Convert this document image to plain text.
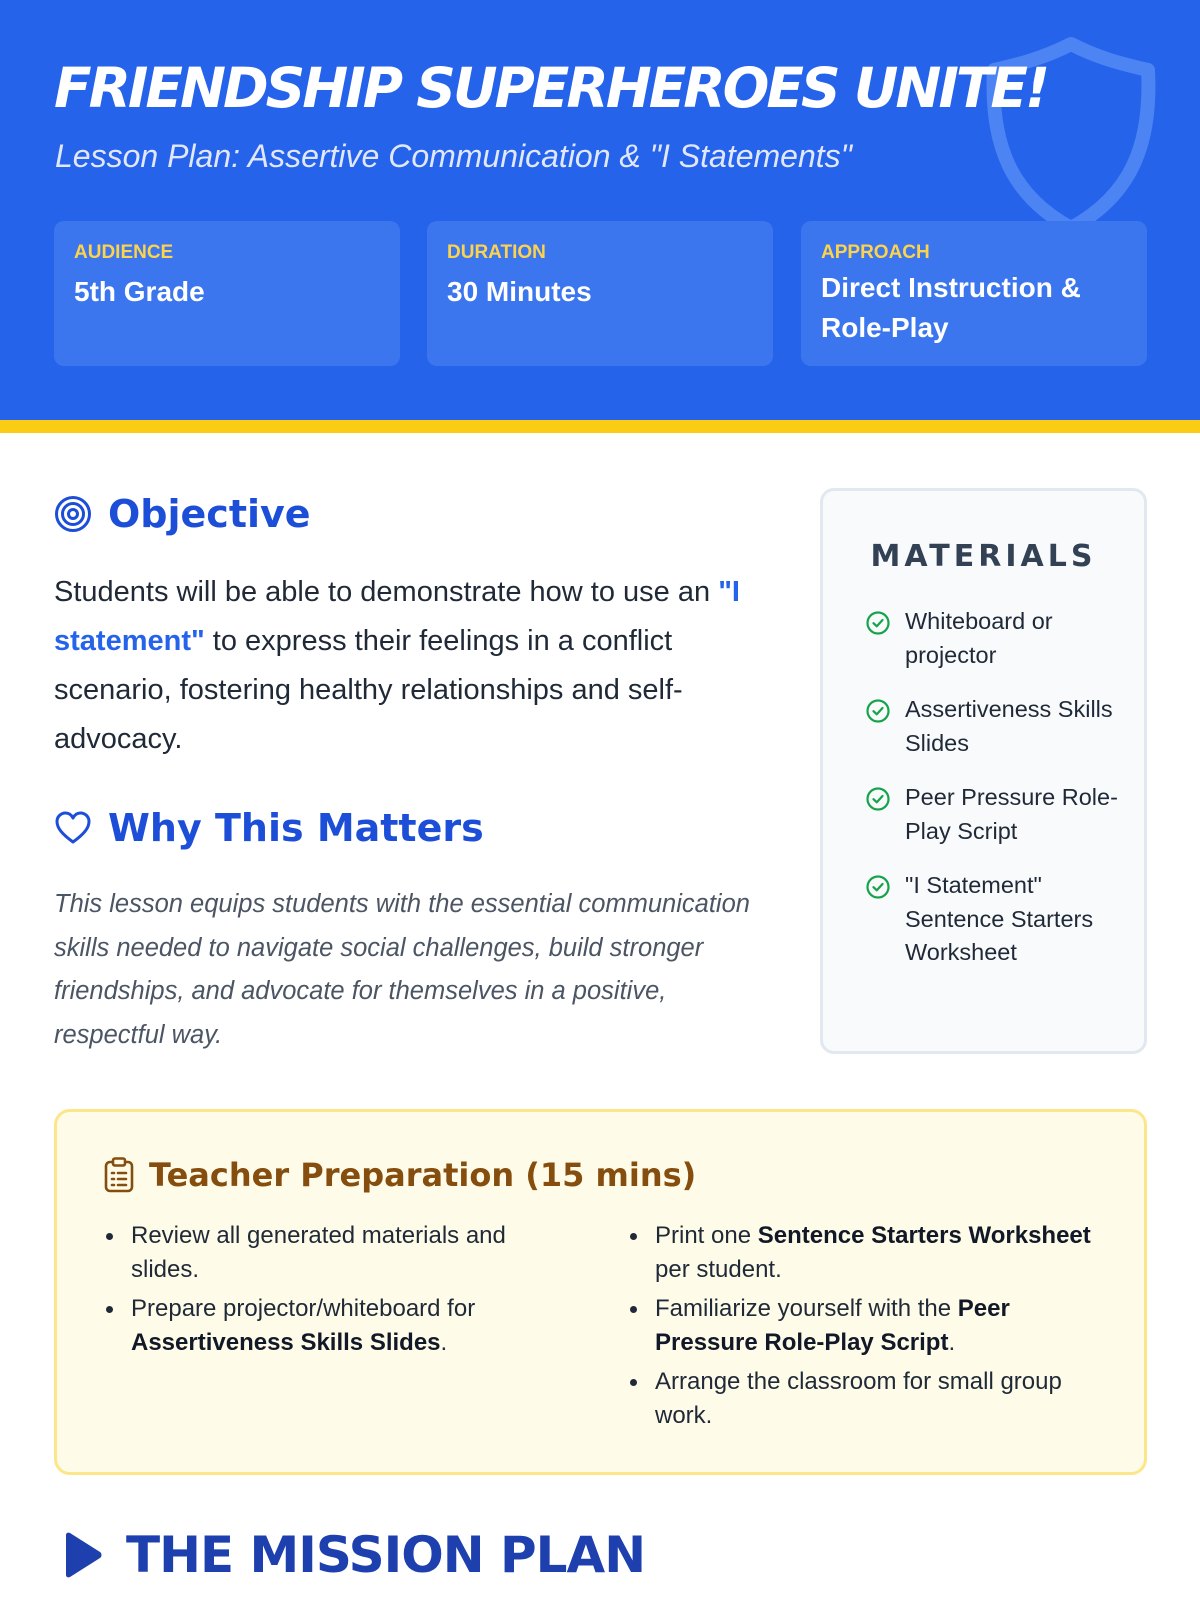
FRIENDSHIP SUPERHEROES UNITE!

Lesson Plan: Assertive Communication & "I Statements"

AUDIENCE
5th Grade
DURATION
30 Minutes
APPROACH
Direct Instruction &
Role-Play
Objective

Students will be able to demonstrate how to use an "I statement" to express their feelings in a conflict scenario, fostering healthy relationships and self-advocacy.

Why This Matters

This lesson equips students with the essential communication skills needed to navigate social challenges, build stronger friendships, and advocate for themselves in a positive, respectful way.

MATERIALS
Whiteboard or projector
Assertiveness Skills Slides
Peer Pressure Role-Play Script
"I Statement" Sentence Starters Worksheet
Teacher Preparation (15 mins)
Review all generated materials and slides.
Prepare projector/whiteboard for Assertiveness Skills Slides.
Print one Sentence Starters Worksheet per student.
Familiarize yourself with the Peer Pressure Role-Play Script.
Arrange the classroom for small group work.
THE MISSION PLAN
